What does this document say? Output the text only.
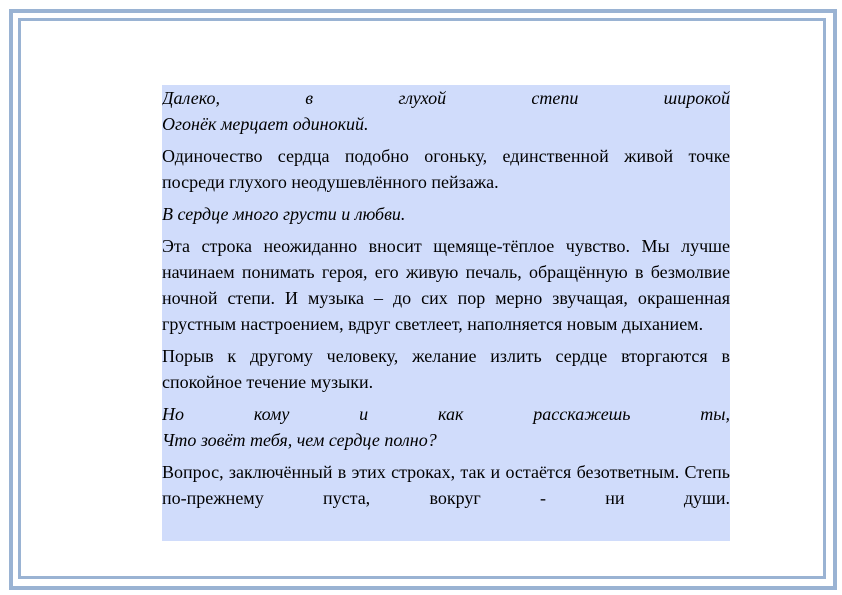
Далеко, в глухой степи широкой
Огонёк мерцает одинокий.

Одиночество сердца подобно огоньку, единственной живой точке посреди глухого неодушевлённого пейзажа.

В сердце много грусти и любви.

Эта строка неожиданно вносит щемяще-тёплое чувство. Мы лучше начинаем понимать героя, его живую печаль, обращённую в безмолвие ночной степи. И музыка – до сих пор мерно звучащая, окрашенная грустным настроением, вдруг светлеет, наполняется новым дыханием.

Порыв к другому человеку, желание излить сердце вторгаются в спокойное течение музыки.

Но кому и как расскажешь ты,
Что зовёт тебя, чем сердце полно?

Вопрос, заключённый в этих строках, так и остаётся безответным. Степь по-прежнему пуста, вокруг - ни души.
